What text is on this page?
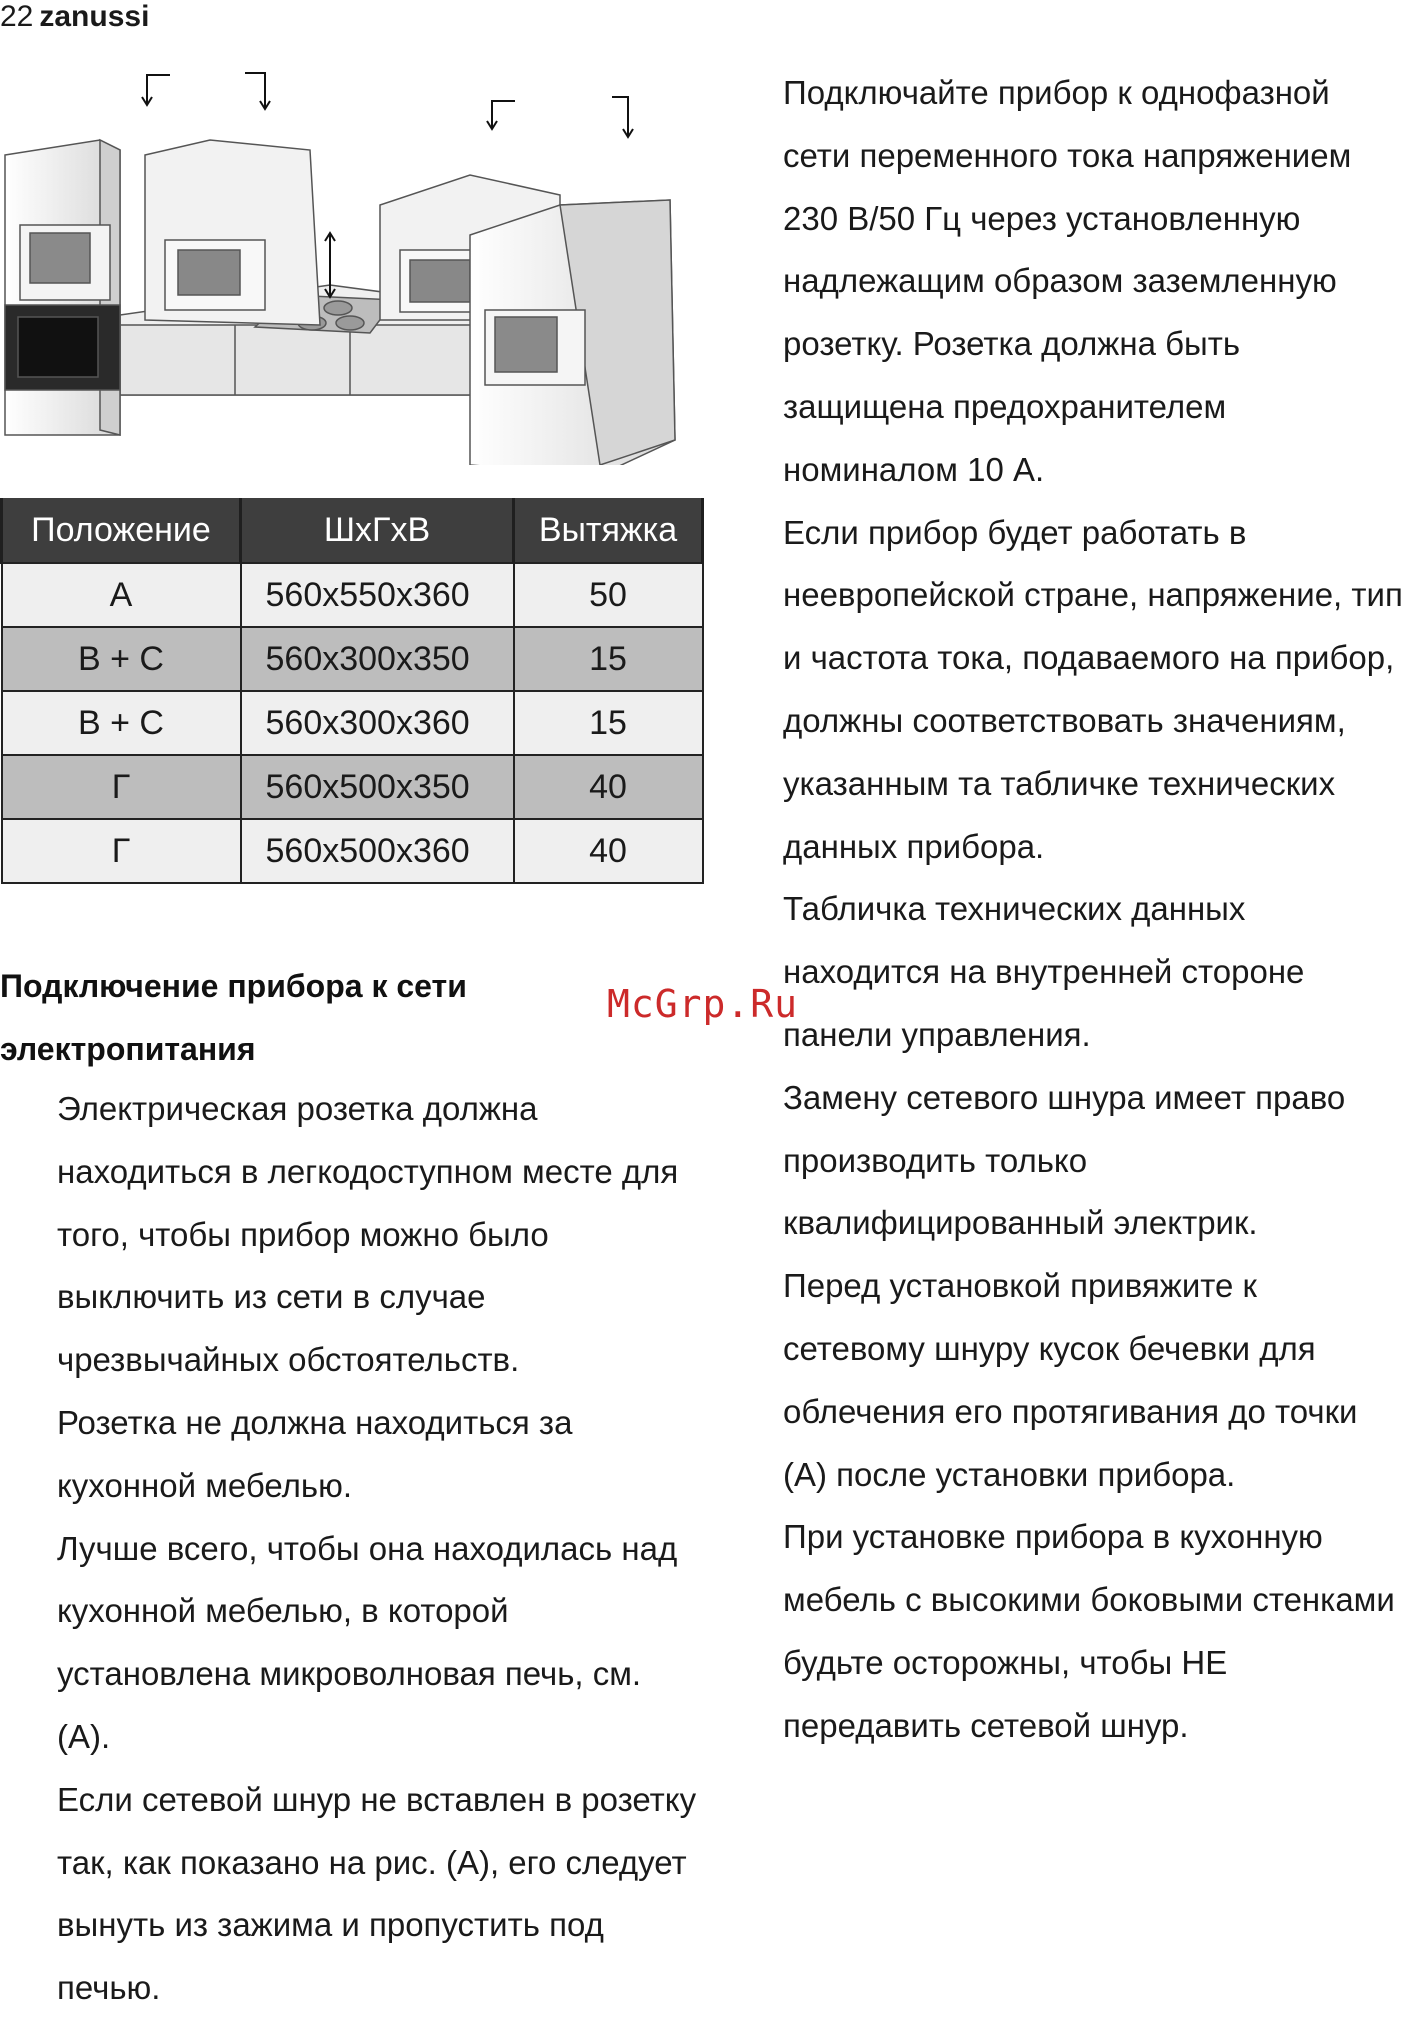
22 zanussi
Положение	ШхГхВ	Вытяжка
A	560x550x360	50
B + C	560x300x350	15
B + C	560x300x360	15
Г	560x500x350	40
Г	560x500x360	40
Подключение прибора к сети электропитания

Электрическая розетка должна находиться в легкодоступном месте для того, чтобы прибор можно было выключить из сети в случае чрезвычайных обстоятельств.

Розетка не должна находиться за кухонной мебелью.

Лучше всего, чтобы она находилась над кухонной мебелью, в которой установлена микроволновая печь, см. (А).

Если сетевой шнур не вставлен в розетку так, как показано на рис. (А), его следует вынуть из зажима и пропустить под печью.

Подключайте прибор к однофазной сети переменного тока напряжением 230 В/50 Гц через установленную надлежащим образом заземленную розетку. Розетка должна быть защищена предохранителем номиналом 10 А.

Если прибор будет работать в неевропейской стране, напряжение, тип и частота тока, подаваемого на прибор, должны соответствовать значениям, указанным та табличке технических данных прибора.

Табличка технических данных находится на внутренней стороне панели управления.

Замену сетевого шнура имеет право производить только квалифицированный электрик.

Перед установкой привяжите к сетевому шнуру кусок бечевки для облечения его протягивания до точки (А) после установки прибора.

При установке прибора в кухонную мебель с высокими боковыми стенками будьте осторожны, чтобы НЕ передавить сетевой шнур.

McGrp.Ru
